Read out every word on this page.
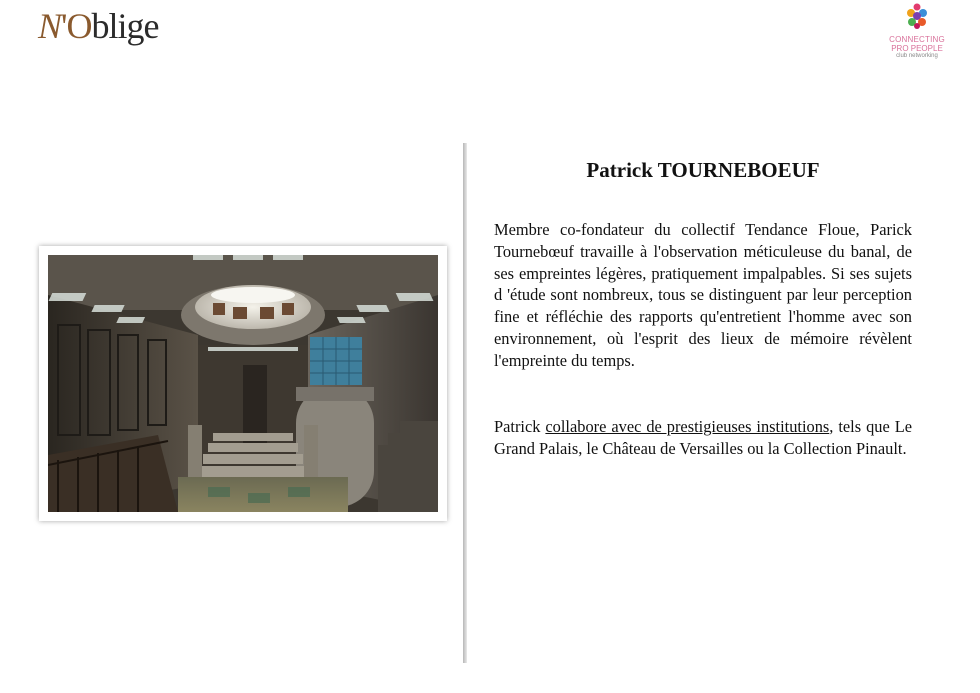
N'Oblige	CONNECTING
PRO PEOPLE
club networking
Patrick TOURNEBOEUF

Membre co-fondateur du collectif Tendance Floue, Parick Tournebœuf travaille à l'observation méticuleuse du banal, de ses empreintes légères, pratiquement impalpables. Si ses sujets d 'étude sont nombreux, tous se distinguent par leur perception fine et réfléchie des rapports qu'entretient l'homme avec son environnement, où l'esprit des lieux de mémoire révèlent l'empreinte du temps.

Patrick collabore avec de prestigieuses institutions, tels que Le Grand Palais, le Château de Versailles ou la Collection Pinault.
